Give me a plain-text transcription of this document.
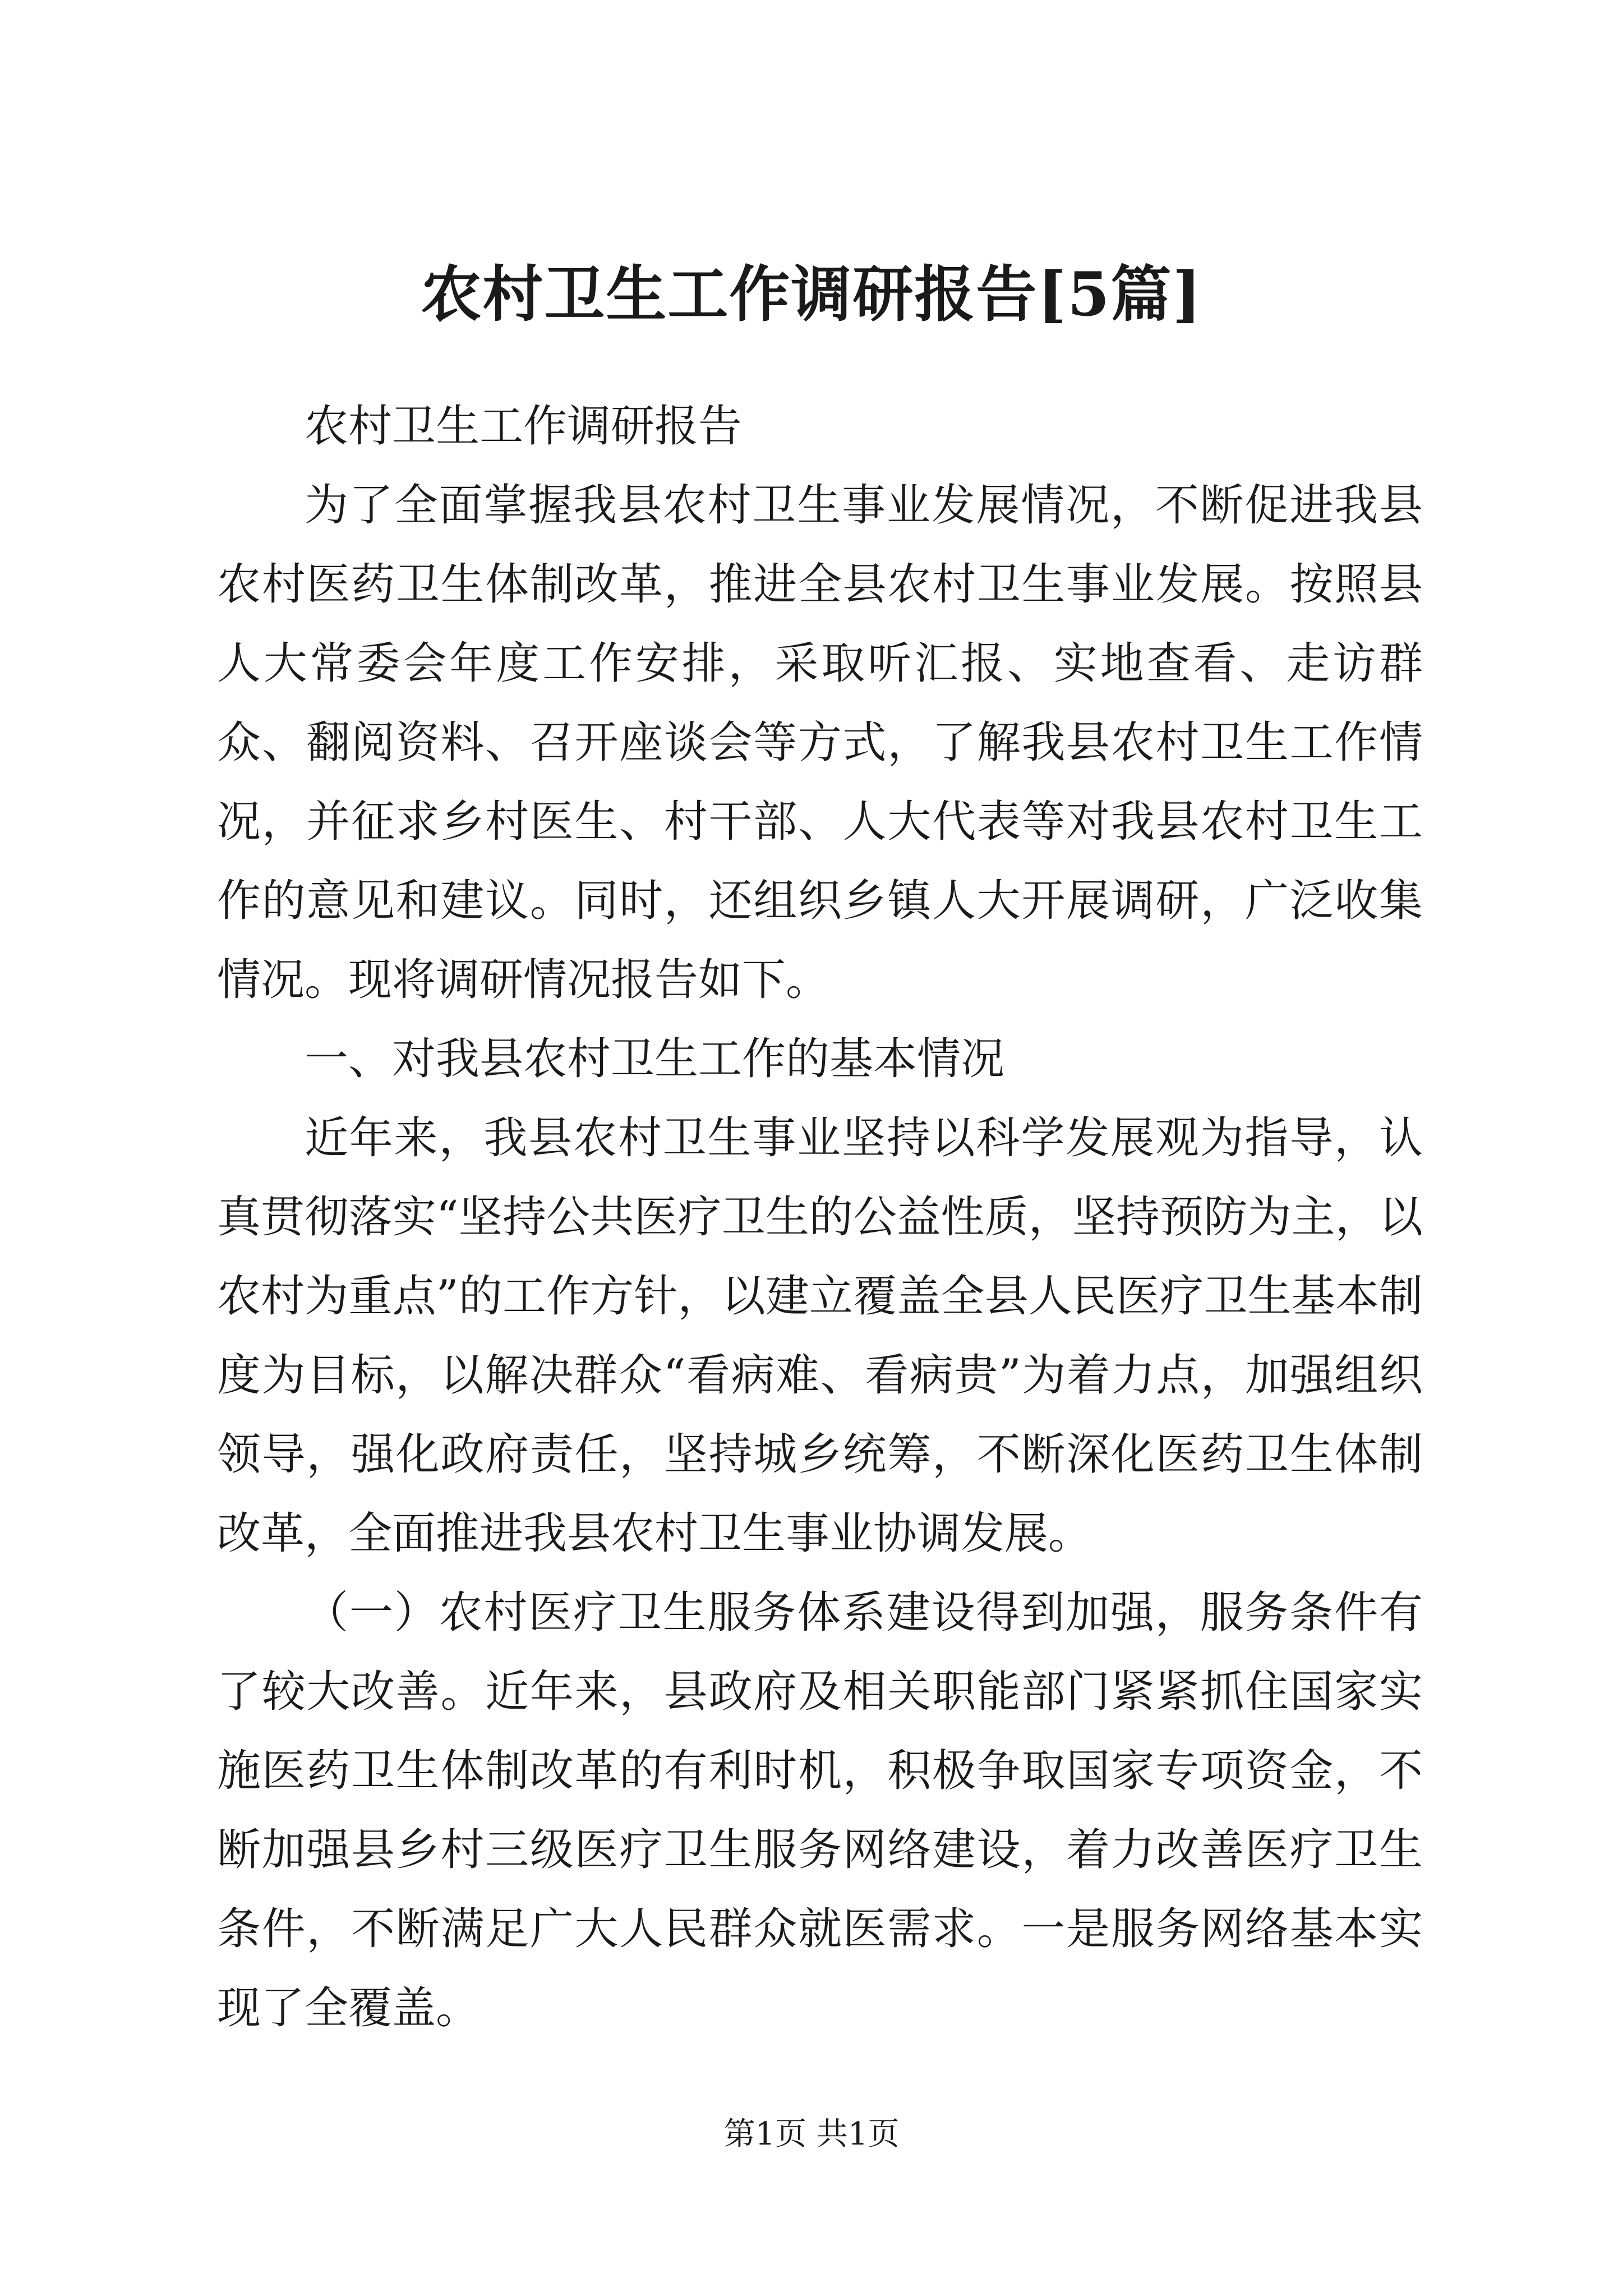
农村卫生工作调研报告[5篇]

农村卫生工作调研报告

为了全面掌握我县农村卫生事业发展情况，不断促进我县农村医药卫生体制改革，推进全县农村卫生事业发展。按照县人大常委会年度工作安排，采取听汇报、实地查看、走访群众、翻阅资料、召开座谈会等方式，了解我县农村卫生工作情况，并征求乡村医生、村干部、人大代表等对我县农村卫生工作的意见和建议。同时，还组织乡镇人大开展调研，广泛收集情况。现将调研情况报告如下。

一、对我县农村卫生工作的基本情况

近年来，我县农村卫生事业坚持以科学发展观为指导，认真贯彻落实“坚持公共医疗卫生的公益性质，坚持预防为主，以农村为重点”的工作方针，以建立覆盖全县人民医疗卫生基本制度为目标，以解决群众“看病难、看病贵”为着力点，加强组织领导，强化政府责任，坚持城乡统筹，不断深化医药卫生体制改革，全面推进我县农村卫生事业协调发展。

（一）农村医疗卫生服务体系建设得到加强，服务条件有了较大改善。近年来，县政府及相关职能部门紧紧抓住国家实施医药卫生体制改革的有利时机，积极争取国家专项资金，不断加强县乡村三级医疗卫生服务网络建设，着力改善医疗卫生条件，不断满足广大人民群众就医需求。一是服务网络基本实现了全覆盖。

第1页 共1页
